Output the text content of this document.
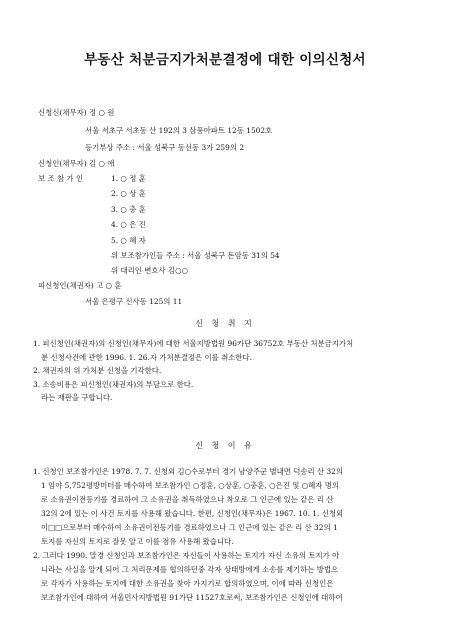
부동산 처분금지가처분결정에 대한 이의신청서
신청신(채무자) 정 ○ 원
서울 서초구 서초동 산 192의 3 삼풍아파트 12동 1502호
등기부상 주소 : 서울 성북구 동선동 3가 259의 2
신청인(채무자) 김 ○ 애
보 조 참 가 인	1. ○ 정 훈
2. ○ 상 훈
3. ○ 충 훈
4. ○ 은 진
5. ○ 혜 자
위 보조참가인들 주소 : 서울 성북구 돈암동 31의 54
위 대리인 변호사 김○○
피신청인(채권자) 고 ○ 훈
서울 은평구 신사동 125의 11
신 청 취 지

1. 피신청인(채권자)의 신청인(채무자)에 대한 서울지방법원 96카단 36752호 부동산 처분금지가처

분 신청사건에 관한 1996. 1. 26.자 가처분결정은 이를 취소한다.

2. 채권자의 위 가처분 신청을 기각한다.

3. 소송비용은 피신청인(채권자)의 부담으로 한다.

라는 재판을 구합니다.

신 청 이 유

1. 신청인 보조참가인은 1978. 7. 7. 신청외 김○수로부터 경기 남양주군 별내면 덕송리 산 32의

1 임야 5,752평방미터를 매수하여 보조참가인 ○정훈, ○상훈, ○충훈, ○은진 및 ○혜자 명의

로 소유권이전등기를 경료하여 그 소유권을 취득하였으나 착오로 그 인근에 있는 같은 리 산

32의 2에 있는 이 사건 토지를 사용해 왔습니다. 한편, 신청인(채무자)은 1967. 10. 1. 신청외

이□□으로부터 매수하여 소유권이전등기를 경료하였으나 그 인근에 있는 같은 리 산 32의 1

토지를 자신의 토지로 잘못 알고 이를 점유 사용해 왔습니다.

2. 그러다 1990. 말경 신청인과 보조참가인은 자신들이 사용하는 토지가 자신 소유의 토지가 아

니라는 사실을 알게 되어 그 처리문제를 협의하던중 각자 상태방에게 소송를 제기하는 방법으

로 각자가 사용하는 토지에 대한 소유권을 찾아 가지기로 합의하였으며, 이에 따라 신청인은

보조참가인에 대하여 서울민사지방법원 91가단 11527호로써, 보조참가인은 신청인에 대하여
